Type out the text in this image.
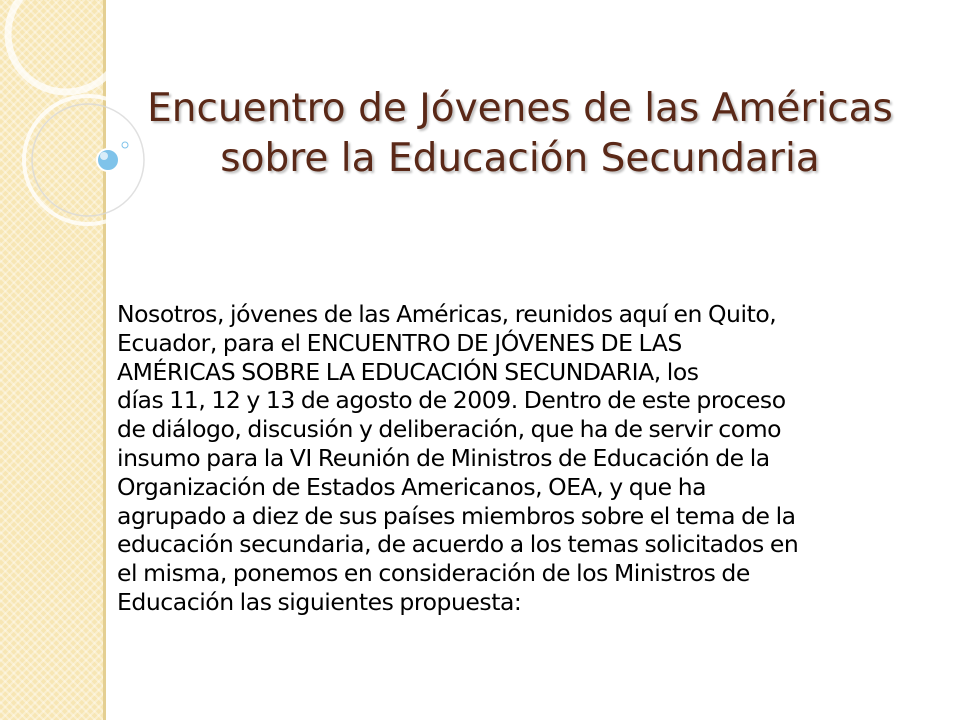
Encuentro de Jóvenes de las Américas
sobre la Educación Secundaria

Nosotros, jóvenes de las Américas, reunidos aquí en Quito,
Ecuador, para el ENCUENTRO DE JÓVENES DE LAS
AMÉRICAS SOBRE LA EDUCACIÓN SECUNDARIA, los
días 11, 12 y 13 de agosto de 2009. Dentro de este proceso
de diálogo, discusión y deliberación, que ha de servir como
insumo para la VI Reunión de Ministros de Educación de la
Organización de Estados Americanos, OEA, y que ha
agrupado a diez de sus países miembros sobre el tema de la
educación secundaria, de acuerdo a los temas solicitados en
el misma, ponemos en consideración de los Ministros de
Educación las siguientes propuesta:
